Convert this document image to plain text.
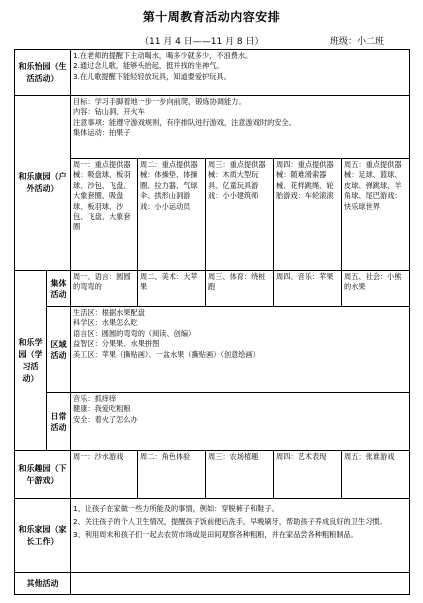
第十周教育活动内容安排
（11 月 4 日——11 月 8 日）	班级：小二班
和乐怡园（生活活动）		1.在老师的提醒下主动喝水，喝多少就多少，不浪费水。
2.通过念儿歌，能够头抬起，挺并找的坐神气。
3.在儿歌提醒下能轻轻放玩具，知道要爱护玩具。				

和乐康园（户外活动）		目标：学习手脚着地一步一步向前爬，锻炼协调能力。
内容：钻山洞、开火车
注意事项：能遵守游戏规则，有序排队进行游戏，注意游戏时的安全。
集体运动：拍果子				

		周一：重点提供器械：吸盘球、板羽球、沙包、飞盘、大象套圈、吸盘球、板羽球、沙包、飞盘、大象套圈	周二：重点提供器械：体操垫、体操圈、拉力器、气球伞、拱形山洞游戏：小小运动员	周三：重点提供器械：木质大型玩具、亿童玩具游戏：小小建筑师	周四：重点提供器械：随难滑索器械、花样跳绳、轮胎游戏：车轮滚滚	周五：重点提供器械：足球、篮球、皮球、弹跳球、羊角球、尾巴游戏：快乐球世界
和乐学园（学习活动）	集体活动	周一、语言：圆圆的弯弯的	周二、美术：大苹果	周三、体育：绕桩跑	周四、音乐：苹果	周五、社会：小熊的水果
	区域活动	生活区：根据水果配盘
科学区：水果怎么吃
语言区：圆圆的弯弯的（阅读、创编）
益智区：分果果、水果拼图
美工区：苹果（撕贴画）、一盆水果（撕贴画）（创意绘画）				

	日常活动	音乐：抓痒痒
健康：我爱吃粗粮
安全：着火了怎么办				

和乐趣园（下午游戏）		周一：沙水游戏	周二：角色体验	周三：农场植趣	周四：艺术表现	周五：张谁游戏
和乐家园（家长工作）		1、让孩子在家做一些力所能及的事情，例如：穿脱裤子和鞋子。
2、关注孩子的个人卫生情况，提醒孩子饭前便后洗手，早晚刷牙，帮助孩子养成良好的卫生习惯。
3、利用周末和孩子们一起去农贸市场或是田间观察各种粗粮，并在家品尝各种粗粮制品。				

其他活动						
